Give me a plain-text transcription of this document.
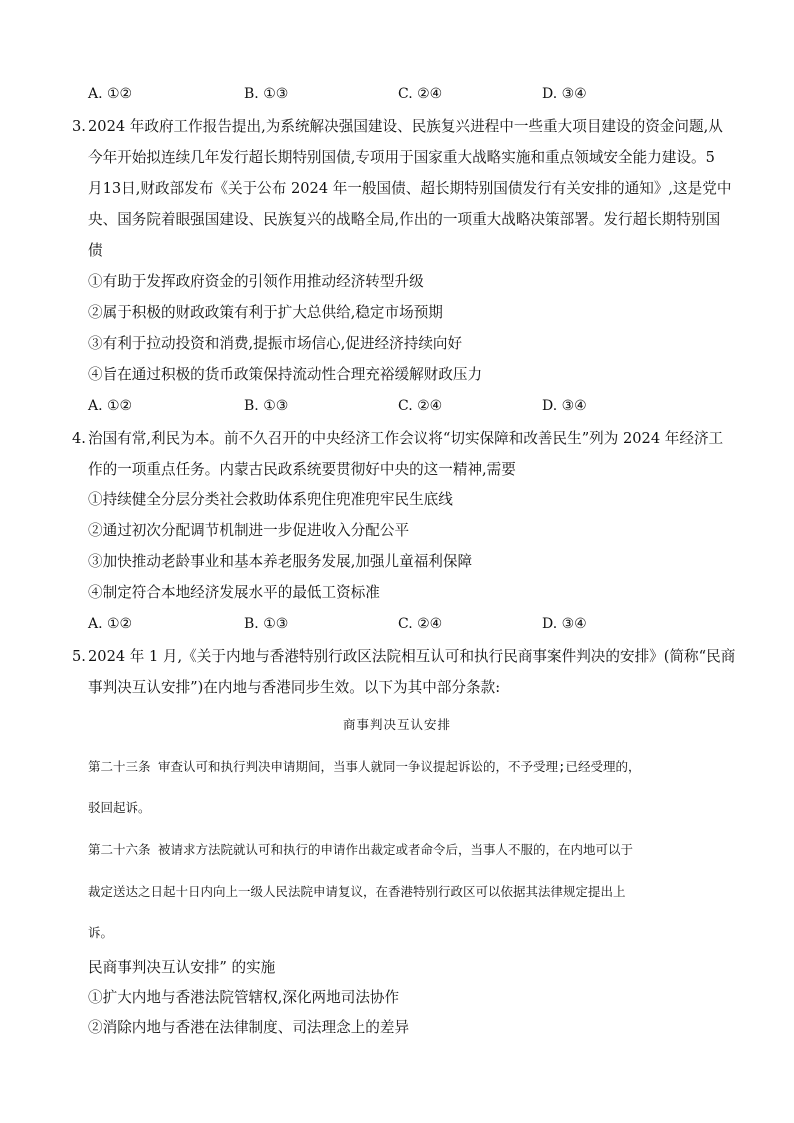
A. ①②	B. ①③	C. ②④	D. ③④
3. 2024 年政府工作报告提出,为系统解决强国建设、民族复兴进程中一些重大项目建设的资金问题,从
今年开始拟连续几年发行超长期特别国债,专项用于国家重大战略实施和重点领域安全能力建设。5
月13日,财政部发布《关于公布 2024 年一般国债、超长期特别国债发行有关安排的通知》,这是党中
央、国务院着眼强国建设、民族复兴的战略全局,作出的一项重大战略决策部署。发行超长期特别国
债
①有助于发挥政府资金的引领作用推动经济转型升级
②属于积极的财政政策有利于扩大总供给,稳定市场预期
③有利于拉动投资和消费,提振市场信心,促进经济持续向好
④旨在通过积极的货币政策保持流动性合理充裕缓解财政压力
A. ①②	B. ①③	C. ②④	D. ③④
4. 治国有常,利民为本。前不久召开的中央经济工作会议将“切实保障和改善民生”列为 2024 年经济工
作的一项重点任务。内蒙古民政系统要贯彻好中央的这一精神,需要
①持续健全分层分类社会救助体系兜住兜准兜牢民生底线
②通过初次分配调节机制进一步促进收入分配公平
③加快推动老龄事业和基本养老服务发展,加强儿童福利保障
④制定符合本地经济发展水平的最低工资标准
A. ①②	B. ①③	C. ②④	D. ③④
5. 2024 年 1 月,《关于内地与香港特别行政区法院相互认可和执行民商事案件判决的安排》(简称“民商
事判决互认安排”)在内地与香港同步生效。以下为其中部分条款:
商事判决互认安排
第二十三条 审查认可和执行判决申请期间，当事人就同一争议提起诉讼的，不予受理;已经受理的，
驳回起诉。
第二十六条 被请求方法院就认可和执行的申请作出裁定或者命令后，当事人不服的，在内地可以于
裁定送达之日起十日内向上一级人民法院申请复议，在香港特别行政区可以依据其法律规定提出上
诉。
民商事判决互认安排” 的实施
①扩大内地与香港法院管辖权,深化两地司法协作
②消除内地与香港在法律制度、司法理念上的差异
